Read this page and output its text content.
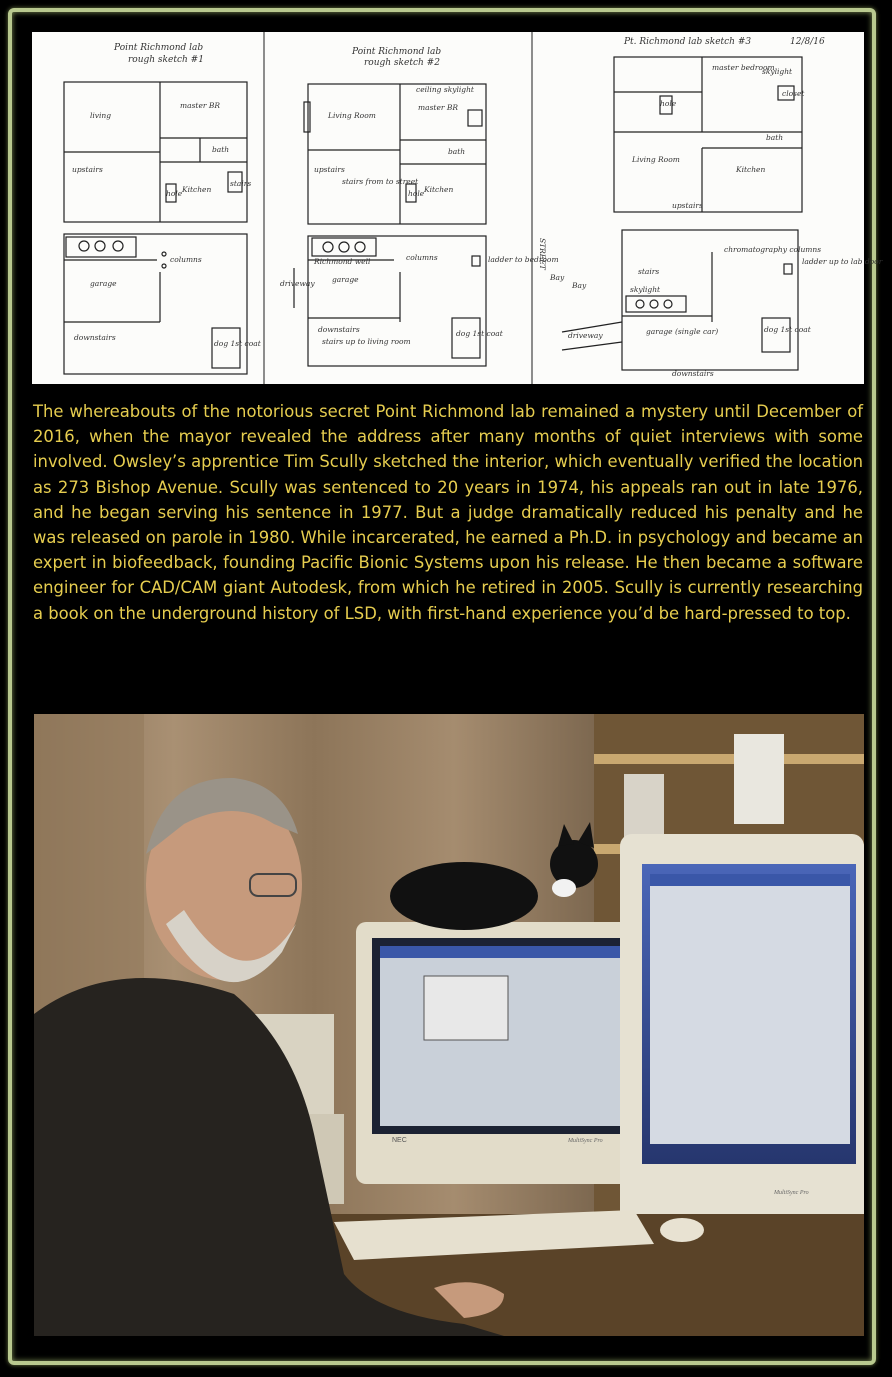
Point Richmond lab
rough sketch #1
living
master BR
bath
upstairs
Kitchen
hole
stairs
columns
garage
downstairs
dog 1st coat
Point Richmond lab
rough sketch #2
Living Room
master BR
ceiling skylight
bath
upstairs
stairs from to street
Kitchen
hole
Richmond well	columns	ladder to bedroom
garage
driveway
downstairs
stairs up to living room
dog 1st coat
Bay
STREET
Pt. Richmond lab sketch #3	12/8/16
master bedroom
skylight
closet
hole
bath
Living Room
Kitchen
upstairs
stairs
chromatography columns
ladder up to lab door
skylight
garage (single car)
driveway
dog 1st coat
downstairs
Bay

The whereabouts of the notorious secret Point Richmond lab remained a mystery until December of 2016, when the mayor revealed the address after many months of quiet interviews with some involved. Owsley’s apprentice Tim Scully sketched the interior, which eventually verified the location as 273 Bishop Avenue. Scully was sentenced to 20 years in 1974, his appeals ran out in late 1976, and he began serving his sentence in 1977. But a judge dramatically reduced his penalty and he was released on parole in 1980. While incarcerated, he earned a Ph.D. in psychology and became an expert in biofeedback, founding Pacific Bionic Systems upon his release. He then became a software engineer for CAD/CAM giant Autodesk, from which he retired in 2005. Scully is currently researching a book on the underground history of LSD, with first-hand experience you’d be hard-pressed to top.

NEC	MultiSync Pro
MultiSync Pro
